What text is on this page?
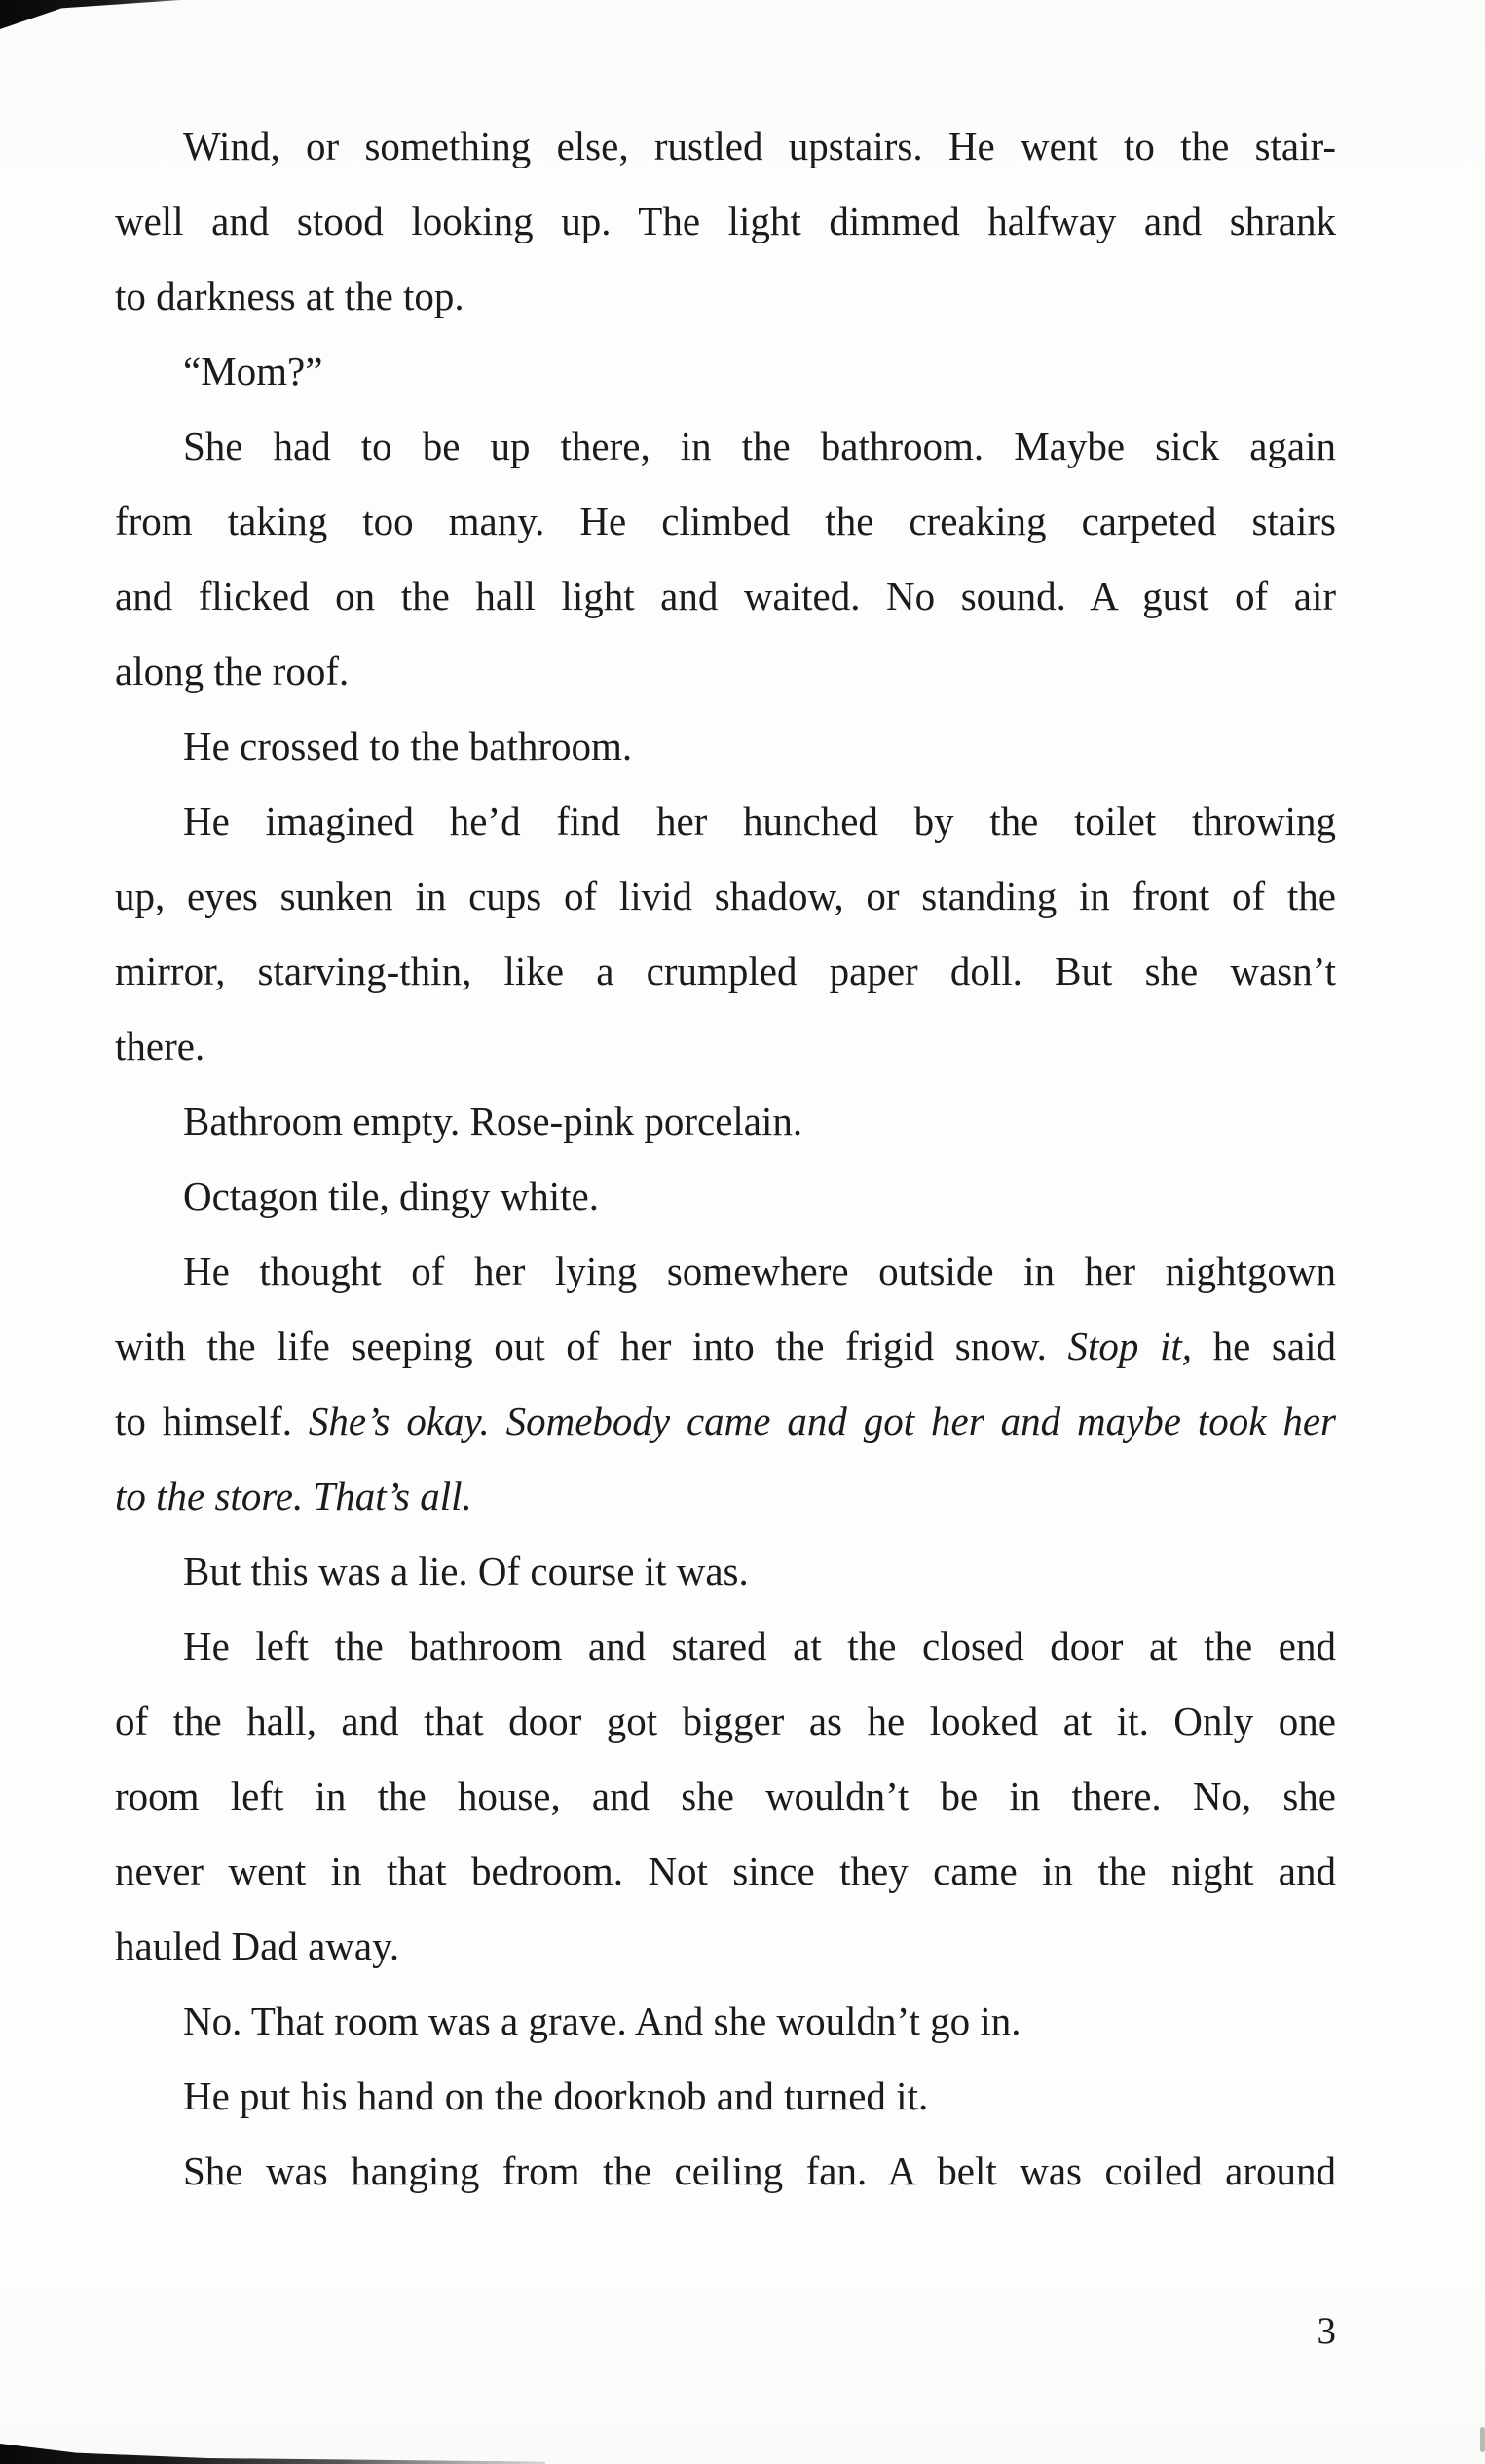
Wind, or something else, rustled upstairs. He went to the stair-
well and stood looking up. The light dimmed halfway and shrank
to darkness at the top.
“Mom?”
She had to be up there, in the bathroom. Maybe sick again
from taking too many. He climbed the creaking carpeted stairs
and flicked on the hall light and waited. No sound. A gust of air
along the roof.
He crossed to the bathroom.
He imagined he’d find her hunched by the toilet throwing
up, eyes sunken in cups of livid shadow, or standing in front of the
mirror, starving-thin, like a crumpled paper doll. But she wasn’t
there.
Bathroom empty. Rose-pink porcelain.
Octagon tile, dingy white.
He thought of her lying somewhere outside in her nightgown
with the life seeping out of her into the frigid snow. Stop it, he said
to himself. She’s okay. Somebody came and got her and maybe took her
to the store. That’s all.
But this was a lie. Of course it was.
He left the bathroom and stared at the closed door at the end
of the hall, and that door got bigger as he looked at it. Only one
room left in the house, and she wouldn’t be in there. No, she
never went in that bedroom. Not since they came in the night and
hauled Dad away.
No. That room was a grave. And she wouldn’t go in.
He put his hand on the doorknob and turned it.
She was hanging from the ceiling fan. A belt was coiled around
3
